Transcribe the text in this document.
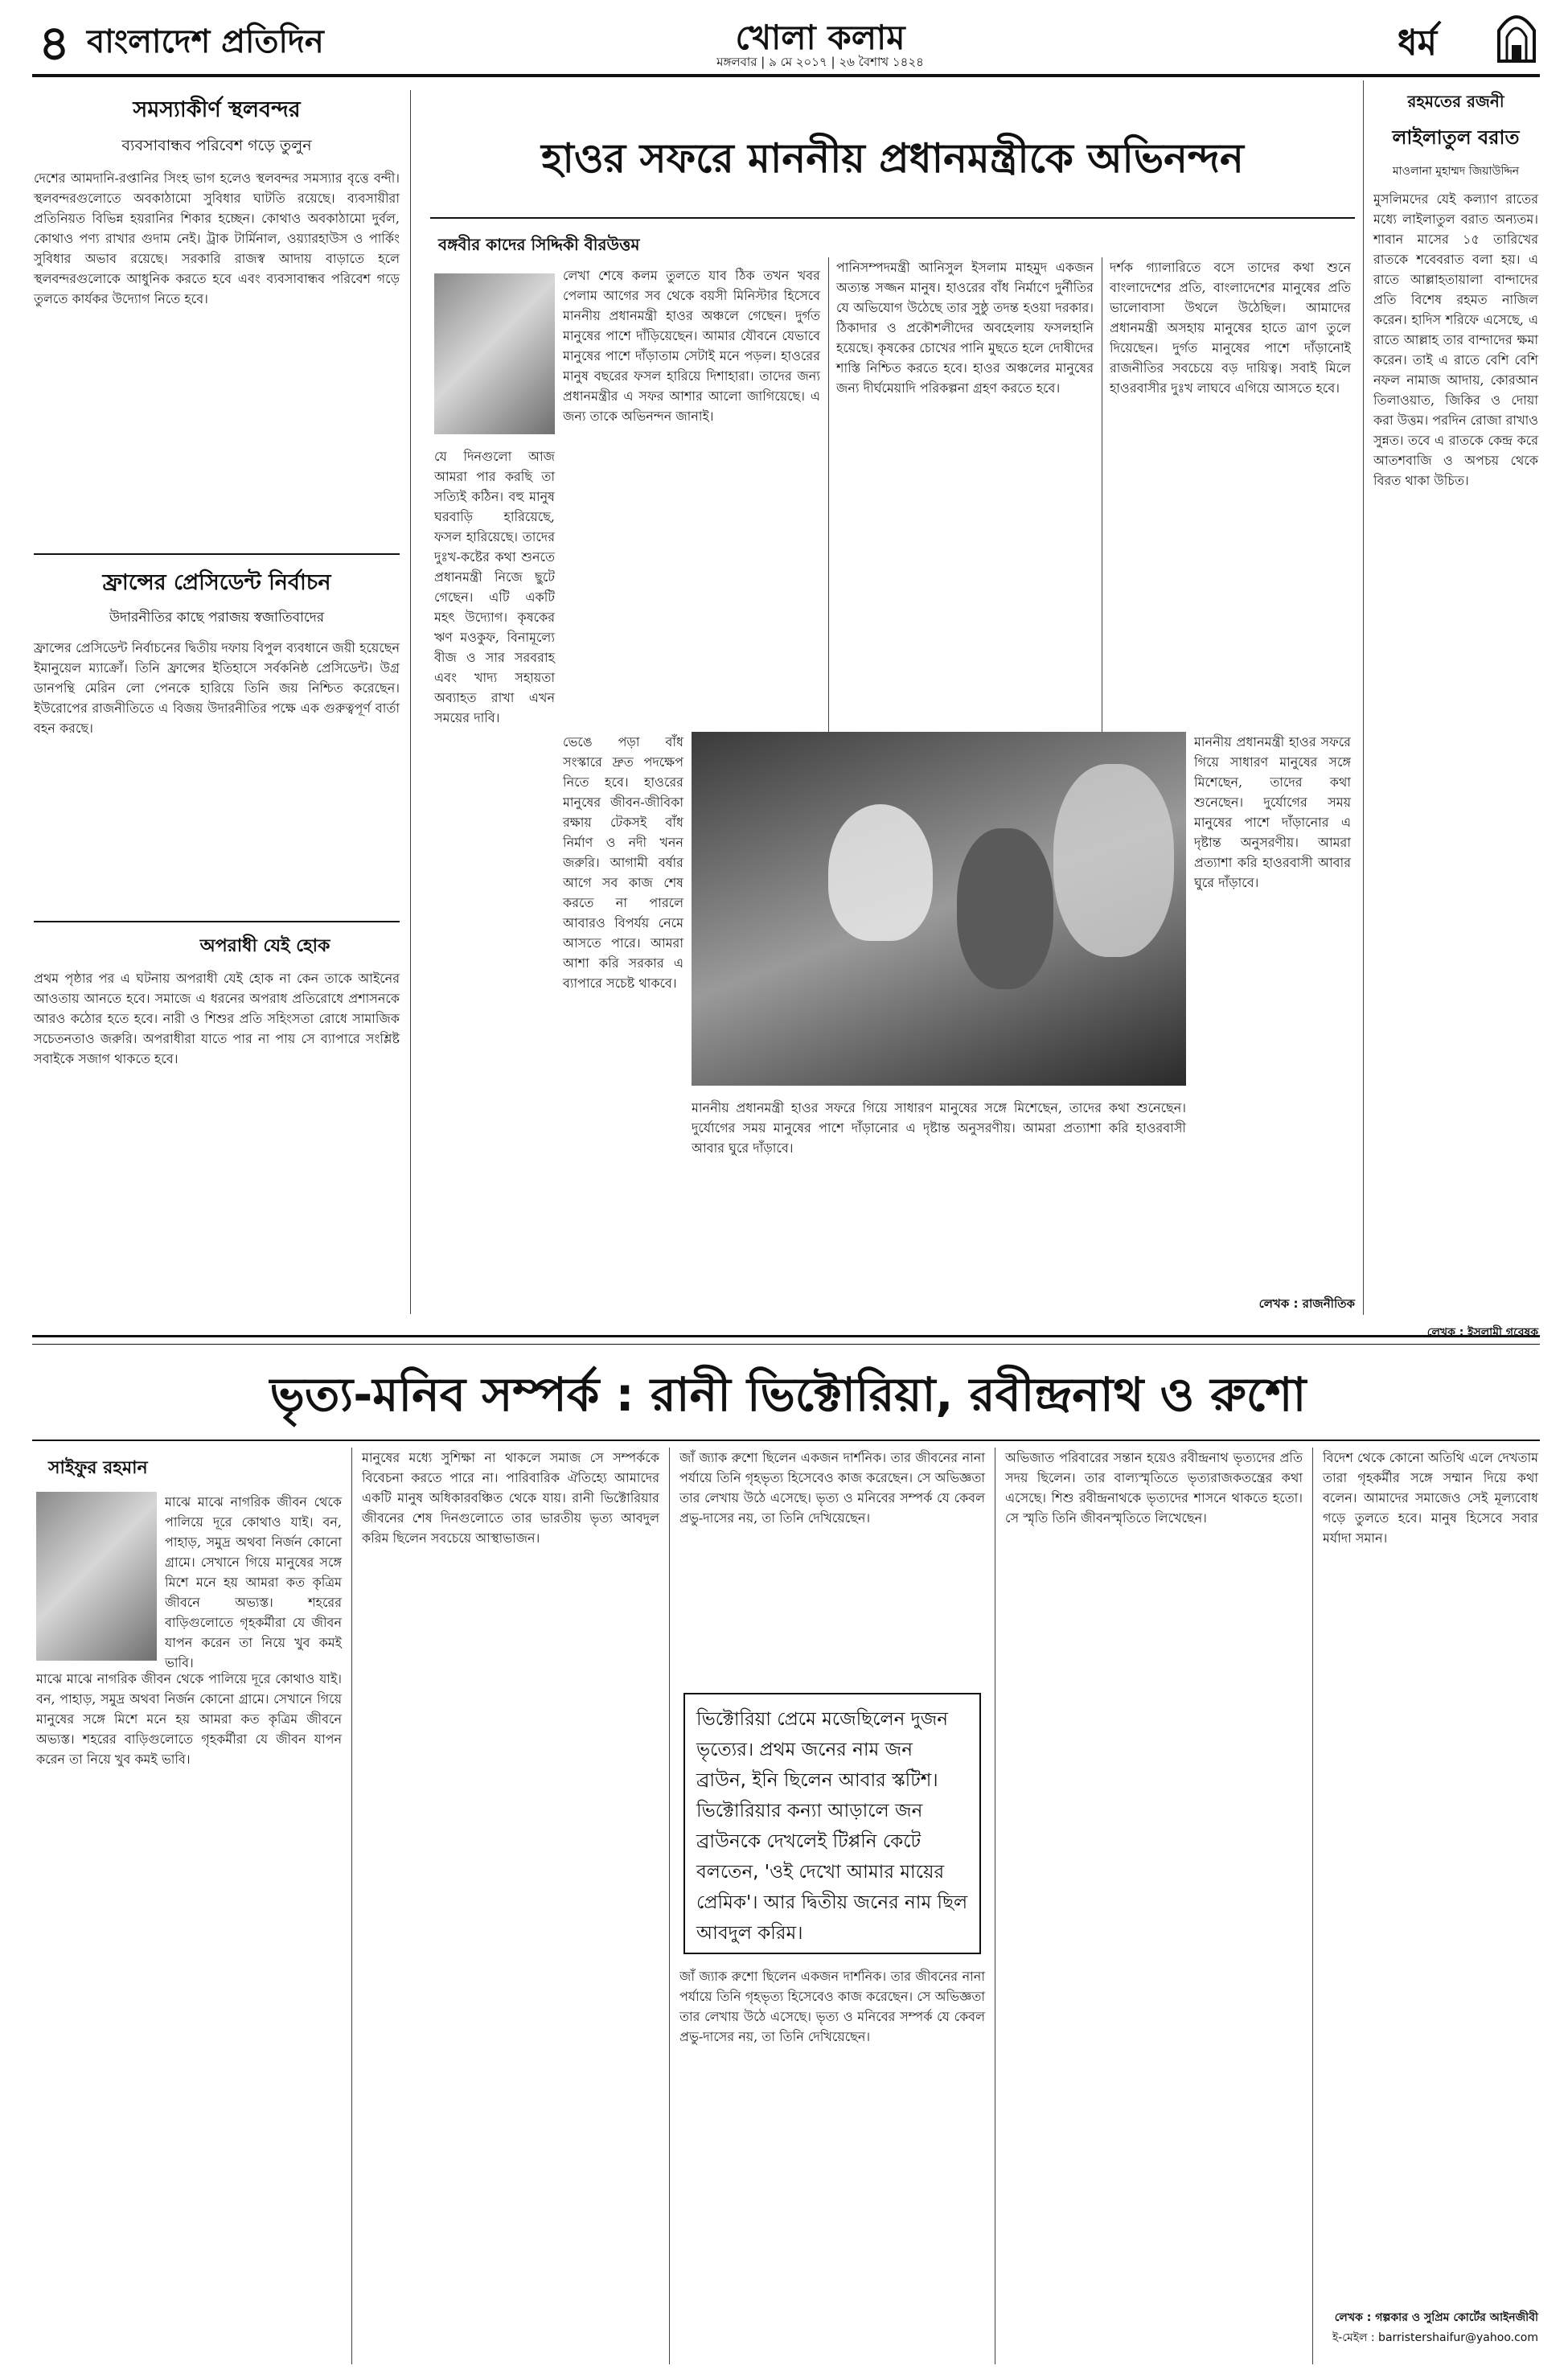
৪ বাংলাদেশ প্রতিদিন	খোলা কলাম
মঙ্গলবার | ৯ মে ২০১৭ | ২৬ বৈশাখ ১৪২৪	ধর্ম
সমস্যাকীর্ণ স্থলবন্দর
ব্যবসাবান্ধব পরিবেশ গড়ে তুলুন
দেশের আমদানি-রপ্তানির সিংহ ভাগ হলেও স্থলবন্দর সমস্যার বৃত্তে বন্দী। স্থলবন্দরগুলোতে অবকাঠামো সুবিধার ঘাটতি রয়েছে। ব্যবসায়ীরা প্রতিনিয়ত বিভিন্ন হয়রানির শিকার হচ্ছেন। কোথাও অবকাঠামো দুর্বল, কোথাও পণ্য রাখার গুদাম নেই। ট্রাক টার্মিনাল, ওয়্যারহাউস ও পার্কিং সুবিধার অভাব রয়েছে। সরকারি রাজস্ব আদায় বাড়াতে হলে স্থলবন্দরগুলোকে আধুনিক করতে হবে এবং ব্যবসাবান্ধব পরিবেশ গড়ে তুলতে কার্যকর উদ্যোগ নিতে হবে।
ফ্রান্সের প্রেসিডেন্ট নির্বাচন
উদারনীতির কাছে পরাজয় স্বজাতিবাদের
ফ্রান্সের প্রেসিডেন্ট নির্বাচনের দ্বিতীয় দফায় বিপুল ব্যবধানে জয়ী হয়েছেন ইমানুয়েল ম্যাক্রোঁ। তিনি ফ্রান্সের ইতিহাসে সর্বকনিষ্ঠ প্রেসিডেন্ট। উগ্র ডানপন্থি মেরিন লো পেনকে হারিয়ে তিনি জয় নিশ্চিত করেছেন। ইউরোপের রাজনীতিতে এ বিজয় উদারনীতির পক্ষে এক গুরুত্বপূর্ণ বার্তা বহন করছে।
অপরাধী যেই হোক
প্রথম পৃষ্ঠার পর এ ঘটনায় অপরাধী যেই হোক না কেন তাকে আইনের আওতায় আনতে হবে। সমাজে এ ধরনের অপরাধ প্রতিরোধে প্রশাসনকে আরও কঠোর হতে হবে। নারী ও শিশুর প্রতি সহিংসতা রোধে সামাজিক সচেতনতাও জরুরি। অপরাধীরা যাতে পার না পায় সে ব্যাপারে সংশ্লিষ্ট সবাইকে সজাগ থাকতে হবে।
হাওর সফরে মাননীয় প্রধানমন্ত্রীকে অভিনন্দন
বঙ্গবীর কাদের সিদ্দিকী বীরউত্তম
লেখা শেষে কলম তুলতে যাব ঠিক তখন খবর পেলাম আগের সব থেকে বয়সী মিনিস্টার হিসেবে মাননীয় প্রধানমন্ত্রী হাওর অঞ্চলে গেছেন। দুর্গত মানুষের পাশে দাঁড়িয়েছেন। আমার যৌবনে যেভাবে মানুষের পাশে দাঁড়াতাম সেটাই মনে পড়ল। হাওরের মানুষ বছরের ফসল হারিয়ে দিশাহারা। তাদের জন্য প্রধানমন্ত্রীর এ সফর আশার আলো জাগিয়েছে। এ জন্য তাকে অভিনন্দন জানাই।
পানিসম্পদমন্ত্রী আনিসুল ইসলাম মাহমুদ একজন অত্যন্ত সজ্জন মানুষ। হাওরের বাঁধ নির্মাণে দুর্নীতির যে অভিযোগ উঠেছে তার সুষ্ঠু তদন্ত হওয়া দরকার। ঠিকাদার ও প্রকৌশলীদের অবহেলায় ফসলহানি হয়েছে। কৃষকের চোখের পানি মুছতে হলে দোষীদের শাস্তি নিশ্চিত করতে হবে। হাওর অঞ্চলের মানুষের জন্য দীর্ঘমেয়াদি পরিকল্পনা গ্রহণ করতে হবে।
দর্শক গ্যালারিতে বসে তাদের কথা শুনে বাংলাদেশের প্রতি, বাংলাদেশের মানুষের প্রতি ভালোবাসা উথলে উঠেছিল। আমাদের প্রধানমন্ত্রী অসহায় মানুষের হাতে ত্রাণ তুলে দিয়েছেন। দুর্গত মানুষের পাশে দাঁড়ানোই রাজনীতির সবচেয়ে বড় দায়িত্ব। সবাই মিলে হাওরবাসীর দুঃখ লাঘবে এগিয়ে আসতে হবে।
যে দিনগুলো আজ আমরা পার করছি তা সত্যিই কঠিন। বহু মানুষ ঘরবাড়ি হারিয়েছে, ফসল হারিয়েছে। তাদের দুঃখ-কষ্টের কথা শুনতে প্রধানমন্ত্রী নিজে ছুটে গেছেন। এটি একটি মহৎ উদ্যোগ। কৃষকের ঋণ মওকুফ, বিনামূল্যে বীজ ও সার সরবরাহ এবং খাদ্য সহায়তা অব্যাহত রাখা এখন সময়ের দাবি।
ভেঙে পড়া বাঁধ সংস্কারে দ্রুত পদক্ষেপ নিতে হবে। হাওরের মানুষের জীবন-জীবিকা রক্ষায় টেকসই বাঁধ নির্মাণ ও নদী খনন জরুরি। আগামী বর্ষার আগে সব কাজ শেষ করতে না পারলে আবারও বিপর্যয় নেমে আসতে পারে। আমরা আশা করি সরকার এ ব্যাপারে সচেষ্ট থাকবে।
মাননীয় প্রধানমন্ত্রী হাওর সফরে গিয়ে সাধারণ মানুষের সঙ্গে মিশেছেন, তাদের কথা শুনেছেন। দুর্যোগের সময় মানুষের পাশে দাঁড়ানোর এ দৃষ্টান্ত অনুসরণীয়। আমরা প্রত্যাশা করি হাওরবাসী আবার ঘুরে দাঁড়াবে।
মাননীয় প্রধানমন্ত্রী হাওর সফরে গিয়ে সাধারণ মানুষের সঙ্গে মিশেছেন, তাদের কথা শুনেছেন। দুর্যোগের সময় মানুষের পাশে দাঁড়ানোর এ দৃষ্টান্ত অনুসরণীয়। আমরা প্রত্যাশা করি হাওরবাসী আবার ঘুরে দাঁড়াবে।
লেখক : রাজনীতিক
রহমতের রজনী
লাইলাতুল বরাত
মাওলানা মুহাম্মদ জিয়াউদ্দিন
মুসলিমদের যেই কল্যাণ রাতের মধ্যে লাইলাতুল বরাত অন্যতম। শাবান মাসের ১৫ তারিখের রাতকে শবেবরাত বলা হয়। এ রাতে আল্লাহতায়ালা বান্দাদের প্রতি বিশেষ রহমত নাজিল করেন। হাদিস শরিফে এসেছে, এ রাতে আল্লাহ তার বান্দাদের ক্ষমা করেন। তাই এ রাতে বেশি বেশি নফল নামাজ আদায়, কোরআন তিলাওয়াত, জিকির ও দোয়া করা উত্তম। পরদিন রোজা রাখাও সুন্নত। তবে এ রাতকে কেন্দ্র করে আতশবাজি ও অপচয় থেকে বিরত থাকা উচিত।
লেখক : ইসলামী গবেষক
ভৃত্য-মনিব সম্পর্ক : রানী ভিক্টোরিয়া, রবীন্দ্রনাথ ও রুশো
সাইফুর রহমান
মাঝে মাঝে নাগরিক জীবন থেকে পালিয়ে দূরে কোথাও যাই। বন, পাহাড়, সমুদ্র অথবা নির্জন কোনো গ্রামে। সেখানে গিয়ে মানুষের সঙ্গে মিশে মনে হয় আমরা কত কৃত্রিম জীবনে অভ্যস্ত। শহরের বাড়িগুলোতে গৃহকর্মীরা যে জীবন যাপন করেন তা নিয়ে খুব কমই ভাবি।
মাঝে মাঝে নাগরিক জীবন থেকে পালিয়ে দূরে কোথাও যাই। বন, পাহাড়, সমুদ্র অথবা নির্জন কোনো গ্রামে। সেখানে গিয়ে মানুষের সঙ্গে মিশে মনে হয় আমরা কত কৃত্রিম জীবনে অভ্যস্ত। শহরের বাড়িগুলোতে গৃহকর্মীরা যে জীবন যাপন করেন তা নিয়ে খুব কমই ভাবি।
মানুষের মধ্যে সুশিক্ষা না থাকলে সমাজ সে সম্পর্ককে বিবেচনা করতে পারে না। পারিবারিক ঐতিহ্যে আমাদের একটি মানুষ অধিকারবঞ্চিত থেকে যায়। রানী ভিক্টোরিয়ার জীবনের শেষ দিনগুলোতে তার ভারতীয় ভৃত্য আবদুল করিম ছিলেন সবচেয়ে আস্থাভাজন।
জাঁ জ্যাক রুশো ছিলেন একজন দার্শনিক। তার জীবনের নানা পর্যায়ে তিনি গৃহভৃত্য হিসেবেও কাজ করেছেন। সে অভিজ্ঞতা তার লেখায় উঠে এসেছে। ভৃত্য ও মনিবের সম্পর্ক যে কেবল প্রভু-দাসের নয়, তা তিনি দেখিয়েছেন।
ভিক্টোরিয়া প্রেমে মজেছিলেন দুজন ভৃত্যের। প্রথম জনের নাম জন ব্রাউন, ইনি ছিলেন আবার স্কটিশ। ভিক্টোরিয়ার কন্যা আড়ালে জন ব্রাউনকে দেখলেই টিপ্পনি কেটে বলতেন, 'ওই দেখো আমার মায়ের প্রেমিক'। আর দ্বিতীয় জনের নাম ছিল আবদুল করিম।
জাঁ জ্যাক রুশো ছিলেন একজন দার্শনিক। তার জীবনের নানা পর্যায়ে তিনি গৃহভৃত্য হিসেবেও কাজ করেছেন। সে অভিজ্ঞতা তার লেখায় উঠে এসেছে। ভৃত্য ও মনিবের সম্পর্ক যে কেবল প্রভু-দাসের নয়, তা তিনি দেখিয়েছেন।
অভিজাত পরিবারের সন্তান হয়েও রবীন্দ্রনাথ ভৃত্যদের প্রতি সদয় ছিলেন। তার বাল্যস্মৃতিতে ভৃত্যরাজকতন্ত্রের কথা এসেছে। শিশু রবীন্দ্রনাথকে ভৃত্যদের শাসনে থাকতে হতো। সে স্মৃতি তিনি জীবনস্মৃতিতে লিখেছেন।
বিদেশ থেকে কোনো অতিথি এলে দেখতাম তারা গৃহকর্মীর সঙ্গে সম্মান দিয়ে কথা বলেন। আমাদের সমাজেও সেই মূল্যবোধ গড়ে তুলতে হবে। মানুষ হিসেবে সবার মর্যাদা সমান।
লেখক : গল্পকার ও সুপ্রিম কোর্টের আইনজীবী
ই-মেইল : barristershaifur@yahoo.com
